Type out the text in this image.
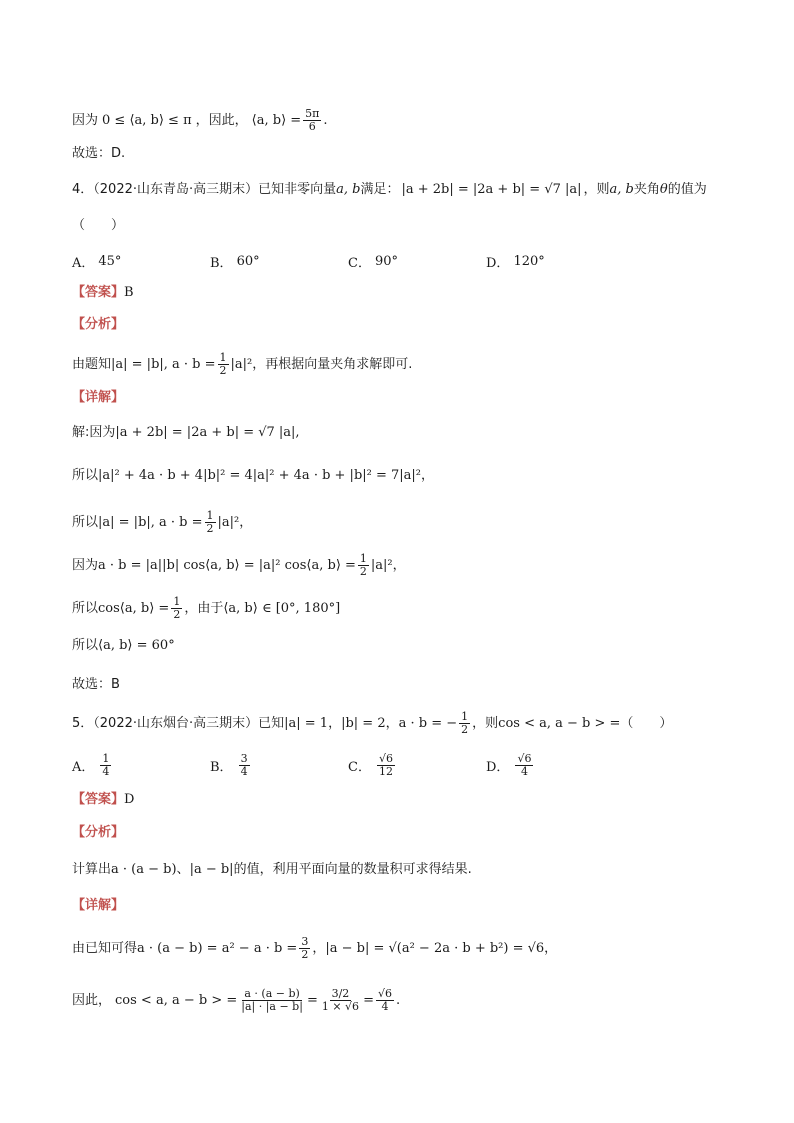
因为 0 ≤ ⟨a, b⟩ ≤ π ，因此， ⟨a, b⟩ = $\frac{5\pi}{6}$ .
故选：D.
4．（2022·山东青岛·高三期末）已知非零向量 a, b 满足： |a + 2b| = |2a + b| = √7 |a| ，则 a, b 夹角 θ 的值为
（　　）
A． 45°	B． 60°	C． 90°	D． 120°
【答案】 B
【分析】
由题知 |a| = |b|, $a \cdot b = \frac{1}{2} |a|^2$ ，再根据向量夹角求解即可.
【详解】
解:因为 |a + 2b| = |2a + b| = √7 |a|,
所以 |a|² + 4a · b + 4|b|² = 4|a|² + 4a · b + |b|² = 7|a|² ，
所以 |a| = |b|, $a \cdot b = \frac{1}{2} |a|^2$ ，
因为 a · b = |a||b| cos⟨a, b⟩ = |a|² cos⟨a, b⟩ = $\frac{1}{2} |a|^2$ ，
所以 cos⟨a, b⟩ = $\frac{1}{2}$ ，由于 ⟨a, b⟩ ∈ [0°, 180°]
所以 ⟨a, b⟩ = 60°
故选：B
5．（2022·山东烟台·高三期末）已知 |a| = 1 ， |b| = 2 ， a · b = − $\frac{1}{2}$ ，则 cos < a, a − b > = （　　）
A． $\frac{1}{4}$	B． $\frac{3}{4}$	C． $\frac{√6}{12}$	D． $\frac{√6}{4}$
【答案】 D
【分析】
计算出 a · (a − b) 、 |a − b| 的值，利用平面向量的数量积可求得结果.
【详解】
由已知可得 $a \cdot (a - b) = a^2 - a \cdot b = \frac{3}{2}$ ， |a − b| = √(a² − 2a · b + b²) = √6 ，
因此， cos < a, a − b > = $\frac{a \cdot (a - b)}{|a| \cdot |a - b|} = \frac{3/2}{1 \times √6} = \frac{√6}{4}$ .
